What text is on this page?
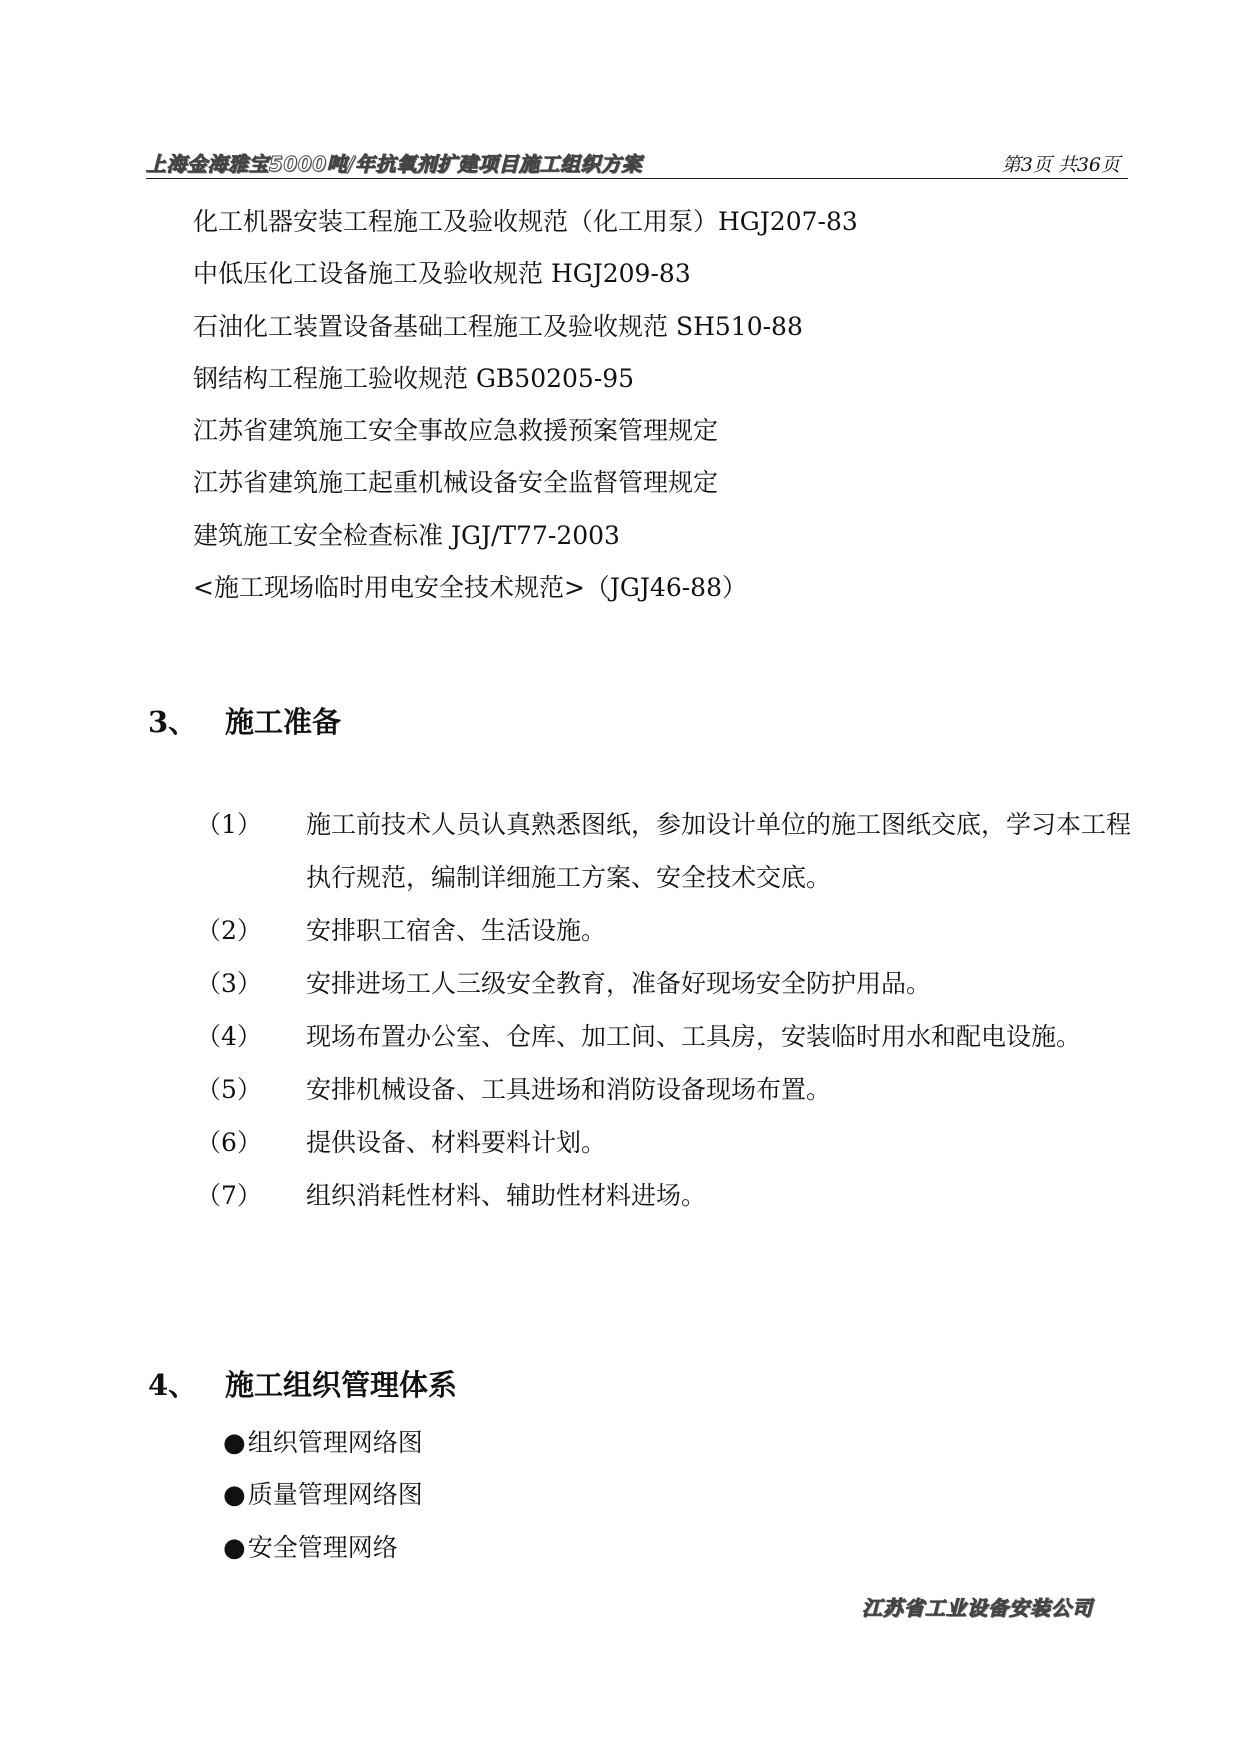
上海金海雅宝5000吨/年抗氧剂扩建项目施工组织方案	第3页 共36页
化工机器安装工程施工及验收规范（化工用泵）HGJ207-83
中低压化工设备施工及验收规范 HGJ209-83
石油化工装置设备基础工程施工及验收规范 SH510-88
钢结构工程施工验收规范 GB50205-95
江苏省建筑施工安全事故应急救援预案管理规定
江苏省建筑施工起重机械设备安全监督管理规定
建筑施工安全检查标准 JGJ/T77-2003
<施工现场临时用电安全技术规范>（JGJ46-88）
3、 施工准备
（1） 施工前技术人员认真熟悉图纸，参加设计单位的施工图纸交底，学习本工程执行规范，编制详细施工方案、安全技术交底。
（2） 安排职工宿舍、生活设施。
（3） 安排进场工人三级安全教育，准备好现场安全防护用品。
（4） 现场布置办公室、仓库、加工间、工具房，安装临时用水和配电设施。
（5） 安排机械设备、工具进场和消防设备现场布置。
（6） 提供设备、材料要料计划。
（7） 组织消耗性材料、辅助性材料进场。
4、 施工组织管理体系
●组织管理网络图
●质量管理网络图
●安全管理网络
江苏省工业设备安装公司
